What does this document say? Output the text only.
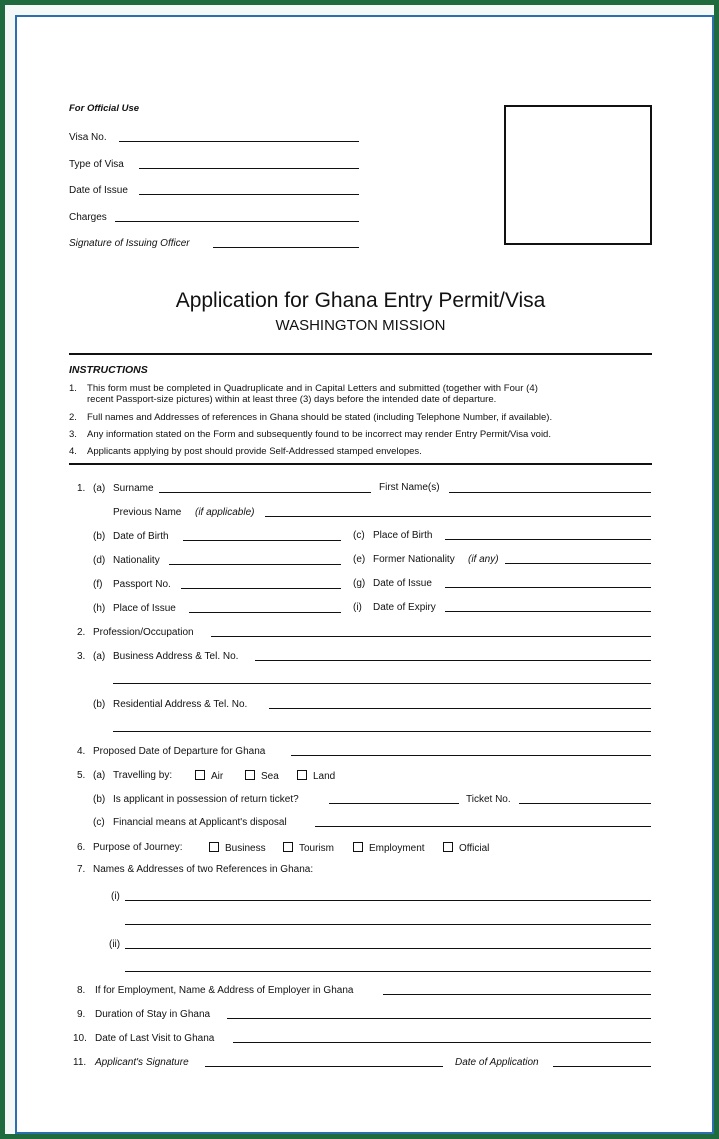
For Official Use
Visa No.
Type of Visa
Date of Issue
Charges
Signature of Issuing Officer
Application for Ghana Entry Permit/Visa
WASHINGTON MISSION
INSTRUCTIONS
1. This form must be completed in Quadruplicate and in Capital Letters and submitted (together with Four (4)
recent Passport-size pictures) within at least three (3) days before the intended date of departure.
2. Full names and Addresses of references in Ghana should be stated (including Telephone Number, if available).
3. Any information stated on the Form and subsequently found to be incorrect may render Entry Permit/Visa void.
4. Applicants applying by post should provide Self-Addressed stamped envelopes.
1. (a) Surname	First Name(s)
Previous Name (if applicable)
(b) Date of Birth	(c) Place of Birth
(d) Nationality	(e) Former Nationality (if any)
(f) Passport No.	(g) Date of Issue
(h) Place of Issue	(i) Date of Expiry
2. Profession/Occupation
3. (a) Business Address & Tel. No.
(b) Residential Address & Tel. No.
4. Proposed Date of Departure for Ghana
5. (a) Travelling by:	Air	Sea	Land
(b) Is applicant in possession of return ticket?	Ticket No.
(c) Financial means at Applicant's disposal
6. Purpose of Journey:	Business	Tourism	Employment	Official
7. Names & Addresses of two References in Ghana:
(i)
(ii)
8. If for Employment, Name & Address of Employer in Ghana
9. Duration of Stay in Ghana
10. Date of Last Visit to Ghana
11. Applicant's Signature	Date of Application
